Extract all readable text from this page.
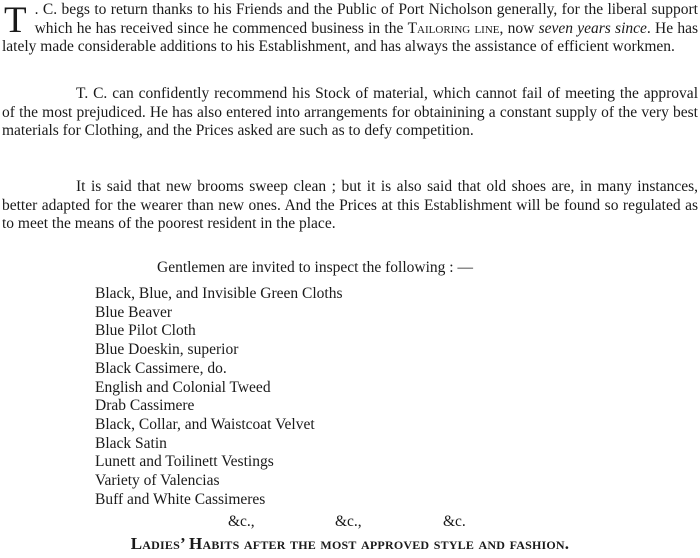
T . C. begs to return thanks to his Friends and the Public of Port Nicholson generally, for the liberal support which he has received since he commenced business in the Tailoring line, now seven years since. He has lately made considerable additions to his Establishment, and has always the assistance of efficient workmen.

T. C. can confidently recommend his Stock of material, which cannot fail of meeting the approval of the most prejudiced. He has also entered into arrangements for obtainining a constant supply of the very best materials for Clothing, and the Prices asked are such as to defy competition.

It is said that new brooms sweep clean ; but it is also said that old shoes are, in many instances, better adapted for the wearer than new ones. And the Prices at this Establishment will be found so regulated as to meet the means of the poorest resident in the place.

Gentlemen are invited to inspect the following : —
Black, Blue, and Invisible Green Cloths
Blue Beaver
Blue Pilot Cloth
Blue Doeskin, superior
Black Cassimere, do.
English and Colonial Tweed
Drab Cassimere
Black, Collar, and Waistcoat Velvet
Black Satin
Lunett and Toilinett Vestings
Variety of Valencias
Buff and White Cassimeres
&c.,	&c.,	&c.
Ladies’ Habits after the most approved style and fashion.
